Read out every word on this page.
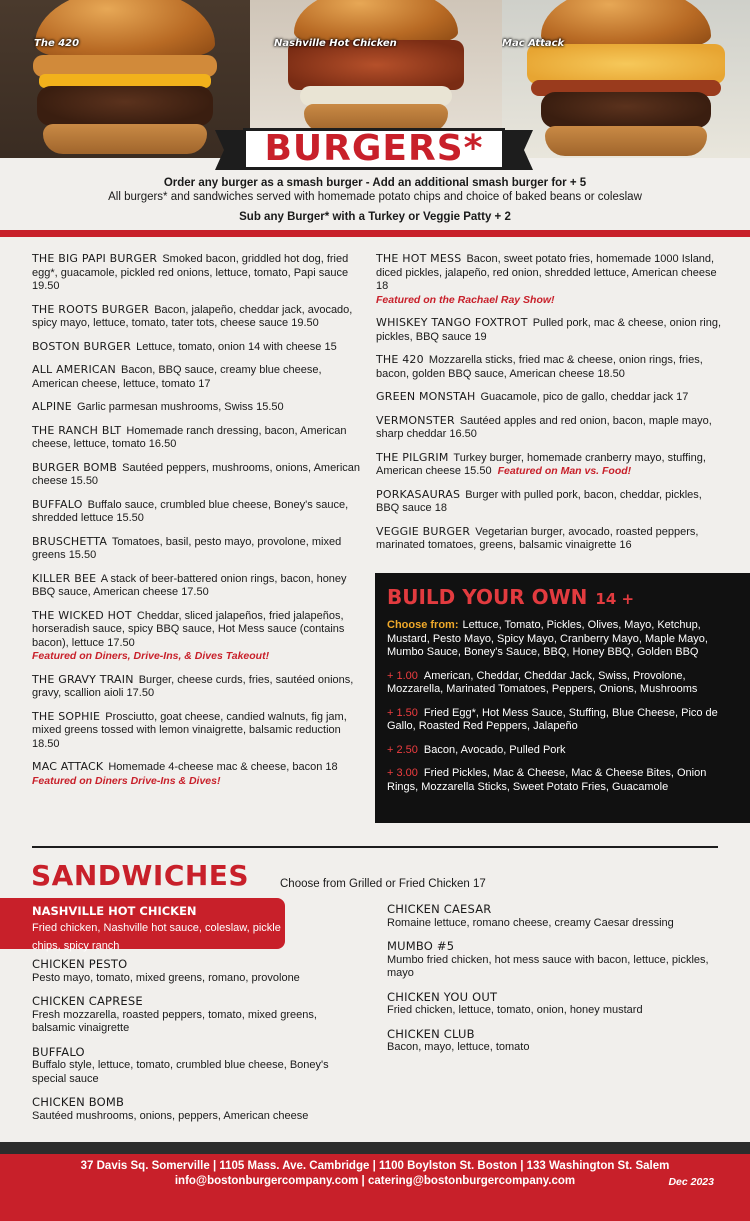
The 420	Nashville Hot Chicken	Mac Attack
BURGERS*
Order any burger as a smash burger - Add an additional smash burger for + 5
All burgers* and sandwiches served with homemade potato chips and choice of baked beans or coleslaw
Sub any Burger* with a Turkey or Veggie Patty + 2
THE BIG PAPI BURGER Smoked bacon, griddled hot dog, fried egg*, guacamole, pickled red onions, lettuce, tomato, Papi sauce 19.50
THE ROOTS BURGER Bacon, jalapeño, cheddar jack, avocado, spicy mayo, lettuce, tomato, tater tots, cheese sauce 19.50
BOSTON BURGER Lettuce, tomato, onion 14 with cheese 15
ALL AMERICAN Bacon, BBQ sauce, creamy blue cheese, American cheese, lettuce, tomato 17
ALPINE Garlic parmesan mushrooms, Swiss 15.50
THE RANCH BLT Homemade ranch dressing, bacon, American cheese, lettuce, tomato 16.50
BURGER BOMB Sautéed peppers, mushrooms, onions, American cheese 15.50
BUFFALO Buffalo sauce, crumbled blue cheese, Boney's sauce, shredded lettuce 15.50
BRUSCHETTA Tomatoes, basil, pesto mayo, provolone, mixed greens 15.50
KILLER BEE A stack of beer-battered onion rings, bacon, honey BBQ sauce, American cheese 17.50
THE WICKED HOT Cheddar, sliced jalapeños, fried jalapeños, horseradish sauce, spicy BBQ sauce, Hot Mess sauce (contains bacon), lettuce 17.50
Featured on Diners, Drive-Ins, & Dives Takeout!
THE GRAVY TRAIN Burger, cheese curds, fries, sautéed onions, gravy, scallion aioli 17.50
THE SOPHIE Prosciutto, goat cheese, candied walnuts, fig jam, mixed greens tossed with lemon vinaigrette, balsamic reduction 18.50
MAC ATTACK Homemade 4-cheese mac & cheese, bacon 18
Featured on Diners Drive-Ins & Dives!
THE HOT MESS Bacon, sweet potato fries, homemade 1000 Island, diced pickles, jalapeño, red onion, shredded lettuce, American cheese 18
Featured on the Rachael Ray Show!
WHISKEY TANGO FOXTROT Pulled pork, mac & cheese, onion ring, pickles, BBQ sauce 19
THE 420 Mozzarella sticks, fried mac & cheese, onion rings, fries, bacon, golden BBQ sauce, American cheese 18.50
GREEN MONSTAH Guacamole, pico de gallo, cheddar jack 17
VERMONSTER Sautéed apples and red onion, bacon, maple mayo, sharp cheddar 16.50
THE PILGRIM Turkey burger, homemade cranberry mayo, stuffing, American cheese 15.50 Featured on Man vs. Food!
PORKASAURAS Burger with pulled pork, bacon, cheddar, pickles, BBQ sauce 18
VEGGIE BURGER Vegetarian burger, avocado, roasted peppers, marinated tomatoes, greens, balsamic vinaigrette 16
BUILD YOUR OWN 14 +

Choose from: Lettuce, Tomato, Pickles, Olives, Mayo, Ketchup, Mustard, Pesto Mayo, Spicy Mayo, Cranberry Mayo, Maple Mayo, Mumbo Sauce, Boney's Sauce, BBQ, Honey BBQ, Golden BBQ

+ 1.00 American, Cheddar, Cheddar Jack, Swiss, Provolone, Mozzarella, Marinated Tomatoes, Peppers, Onions, Mushrooms

+ 1.50 Fried Egg*, Hot Mess Sauce, Stuffing, Blue Cheese, Pico de Gallo, Roasted Red Peppers, Jalapeño

+ 2.50 Bacon, Avocado, Pulled Pork

+ 3.00 Fried Pickles, Mac & Cheese, Mac & Cheese Bites, Onion Rings, Mozzarella Sticks, Sweet Potato Fries, Guacamole

SANDWICHES	Choose from Grilled or Fried Chicken 17
NASHVILLE HOT CHICKEN
Fried chicken, Nashville hot sauce, coleslaw, pickle chips, spicy ranch
CHICKEN PESTO
Pesto mayo, tomato, mixed greens, romano, provolone
CHICKEN CAPRESE
Fresh mozzarella, roasted peppers, tomato, mixed greens, balsamic vinaigrette
BUFFALO
Buffalo style, lettuce, tomato, crumbled blue cheese, Boney's special sauce
CHICKEN BOMB
Sautéed mushrooms, onions, peppers, American cheese
CHICKEN CAESAR
Romaine lettuce, romano cheese, creamy Caesar dressing
MUMBO #5
Mumbo fried chicken, hot mess sauce with bacon, lettuce, pickles, mayo
CHICKEN YOU OUT
Fried chicken, lettuce, tomato, onion, honey mustard
CHICKEN CLUB
Bacon, mayo, lettuce, tomato
37 Davis Sq. Somerville | 1105 Mass. Ave. Cambridge | 1100 Boylston St. Boston | 133 Washington St. Salem
info@bostonburgercompany.com | catering@bostonburgercompany.com	Dec 2023
